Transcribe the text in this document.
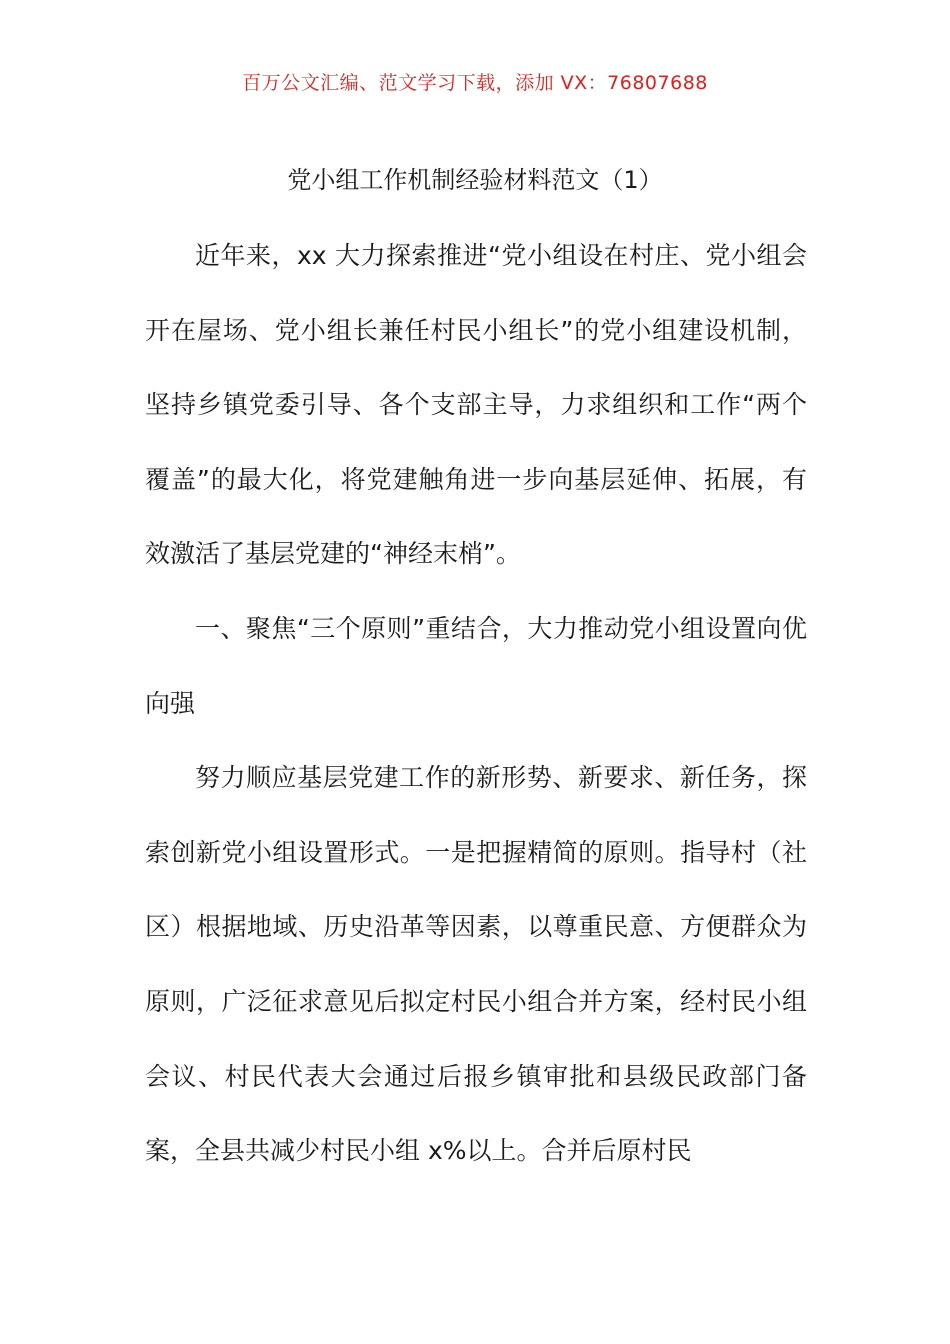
百万公文汇编、范文学习下载，添加 VX：76807688
党小组工作机制经验材料范文（1）

近年来，xx 大力探索推进“党小组设在村庄、党小组会开在屋场、党小组长兼任村民小组长”的党小组建设机制，坚持乡镇党委引导、各个支部主导，力求组织和工作“两个覆盖”的最大化，将党建触角进一步向基层延伸、拓展，有效激活了基层党建的“神经末梢”。

一、聚焦“三个原则”重结合，大力推动党小组设置向优向强

努力顺应基层党建工作的新形势、新要求、新任务，探索创新党小组设置形式。一是把握精简的原则。指导村（社区）根据地域、历史沿革等因素，以尊重民意、方便群众为原则，广泛征求意见后拟定村民小组合并方案，经村民小组会议、村民代表大会通过后报乡镇审批和县级民政部门备案，全县共减少村民小组 x%以上。合并后原村民
